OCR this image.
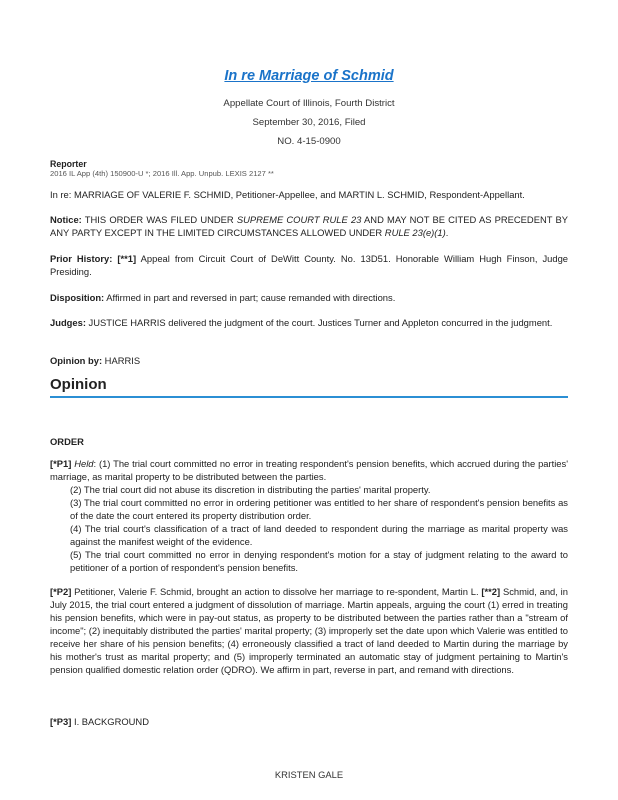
In re Marriage of Schmid
Appellate Court of Illinois, Fourth District
September 30, 2016, Filed
NO. 4-15-0900
Reporter
2016 IL App (4th) 150900-U *; 2016 Ill. App. Unpub. LEXIS 2127 **
In re: MARRIAGE OF VALERIE F. SCHMID, Petitioner-Appellee, and MARTIN L. SCHMID, Respondent-Appellant.
Notice: THIS ORDER WAS FILED UNDER SUPREME COURT RULE 23 AND MAY NOT BE CITED AS PRECEDENT BY ANY PARTY EXCEPT IN THE LIMITED CIRCUMSTANCES ALLOWED UNDER RULE 23(e)(1).
Prior History: [**1] Appeal from Circuit Court of DeWitt County. No. 13D51. Honorable William Hugh Finson, Judge Presiding.
Disposition: Affirmed in part and reversed in part; cause remanded with directions.
Judges: JUSTICE HARRIS delivered the judgment of the court. Justices Turner and Appleton concurred in the judgment.
Opinion by: HARRIS
Opinion
ORDER
[*P1] Held: (1) The trial court committed no error in treating respondent's pension benefits, which accrued during the parties' marriage, as marital property to be distributed between the parties.
(2) The trial court did not abuse its discretion in distributing the parties' marital property.
(3) The trial court committed no error in ordering petitioner was entitled to her share of respondent's pension benefits as of the date the court entered its property distribution order.
(4) The trial court's classification of a tract of land deeded to respondent during the marriage as marital property was against the manifest weight of the evidence.
(5) The trial court committed no error in denying respondent's motion for a stay of judgment relating to the award to petitioner of a portion of respondent's pension benefits.
[*P2] Petitioner, Valerie F. Schmid, brought an action to dissolve her marriage to re-spondent, Martin L. [**2] Schmid, and, in July 2015, the trial court entered a judgment of dissolution of marriage. Martin appeals, arguing the court (1) erred in treating his pension benefits, which were in pay-out status, as property to be distributed between the parties rather than a "stream of income"; (2) inequitably distributed the parties' marital property; (3) improperly set the date upon which Valerie was entitled to receive her share of his pension benefits; (4) erroneously classified a tract of land deeded to Martin during the marriage by his mother's trust as marital property; and (5) improperly terminated an automatic stay of judgment pertaining to Martin's pension qualified domestic relation order (QDRO). We affirm in part, reverse in part, and remand with directions.
[*P3] I. BACKGROUND
KRISTEN GALE
